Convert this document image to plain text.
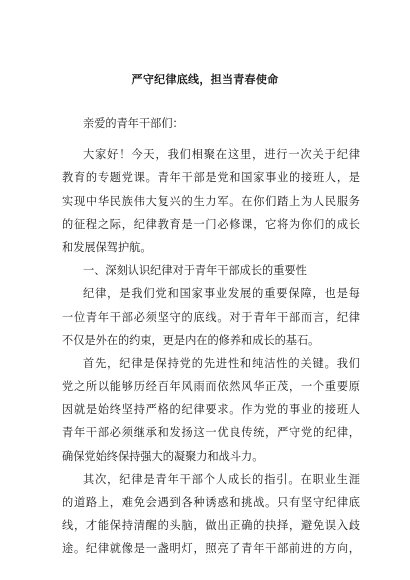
严守纪律底线，担当青春使命
亲爱的青年干部们：
大家好！今天，我们相聚在这里，进行一次关于纪律
教育的专题党课。青年干部是党和国家事业的接班人，是
实现中华民族伟大复兴的生力军。在你们踏上为人民服务
的征程之际，纪律教育是一门必修课，它将为你们的成长
和发展保驾护航。
一、深刻认识纪律对于青年干部成长的重要性
纪律，是我们党和国家事业发展的重要保障，也是每
一位青年干部必须坚守的底线。对于青年干部而言，纪律
不仅是外在的约束，更是内在的修养和成长的基石。
首先，纪律是保持党的先进性和纯洁性的关键。我们
党之所以能够历经百年风雨而依然风华正茂，一个重要原
因就是始终坚持严格的纪律要求。作为党的事业的接班人
青年干部必须继承和发扬这一优良传统，严守党的纪律，
确保党始终保持强大的凝聚力和战斗力。
其次，纪律是青年干部个人成长的指引。在职业生涯
的道路上，难免会遇到各种诱惑和挑战。只有坚守纪律底
线，才能保持清醒的头脑，做出正确的抉择，避免误入歧
途。纪律就像是一盏明灯，照亮了青年干部前进的方向，
